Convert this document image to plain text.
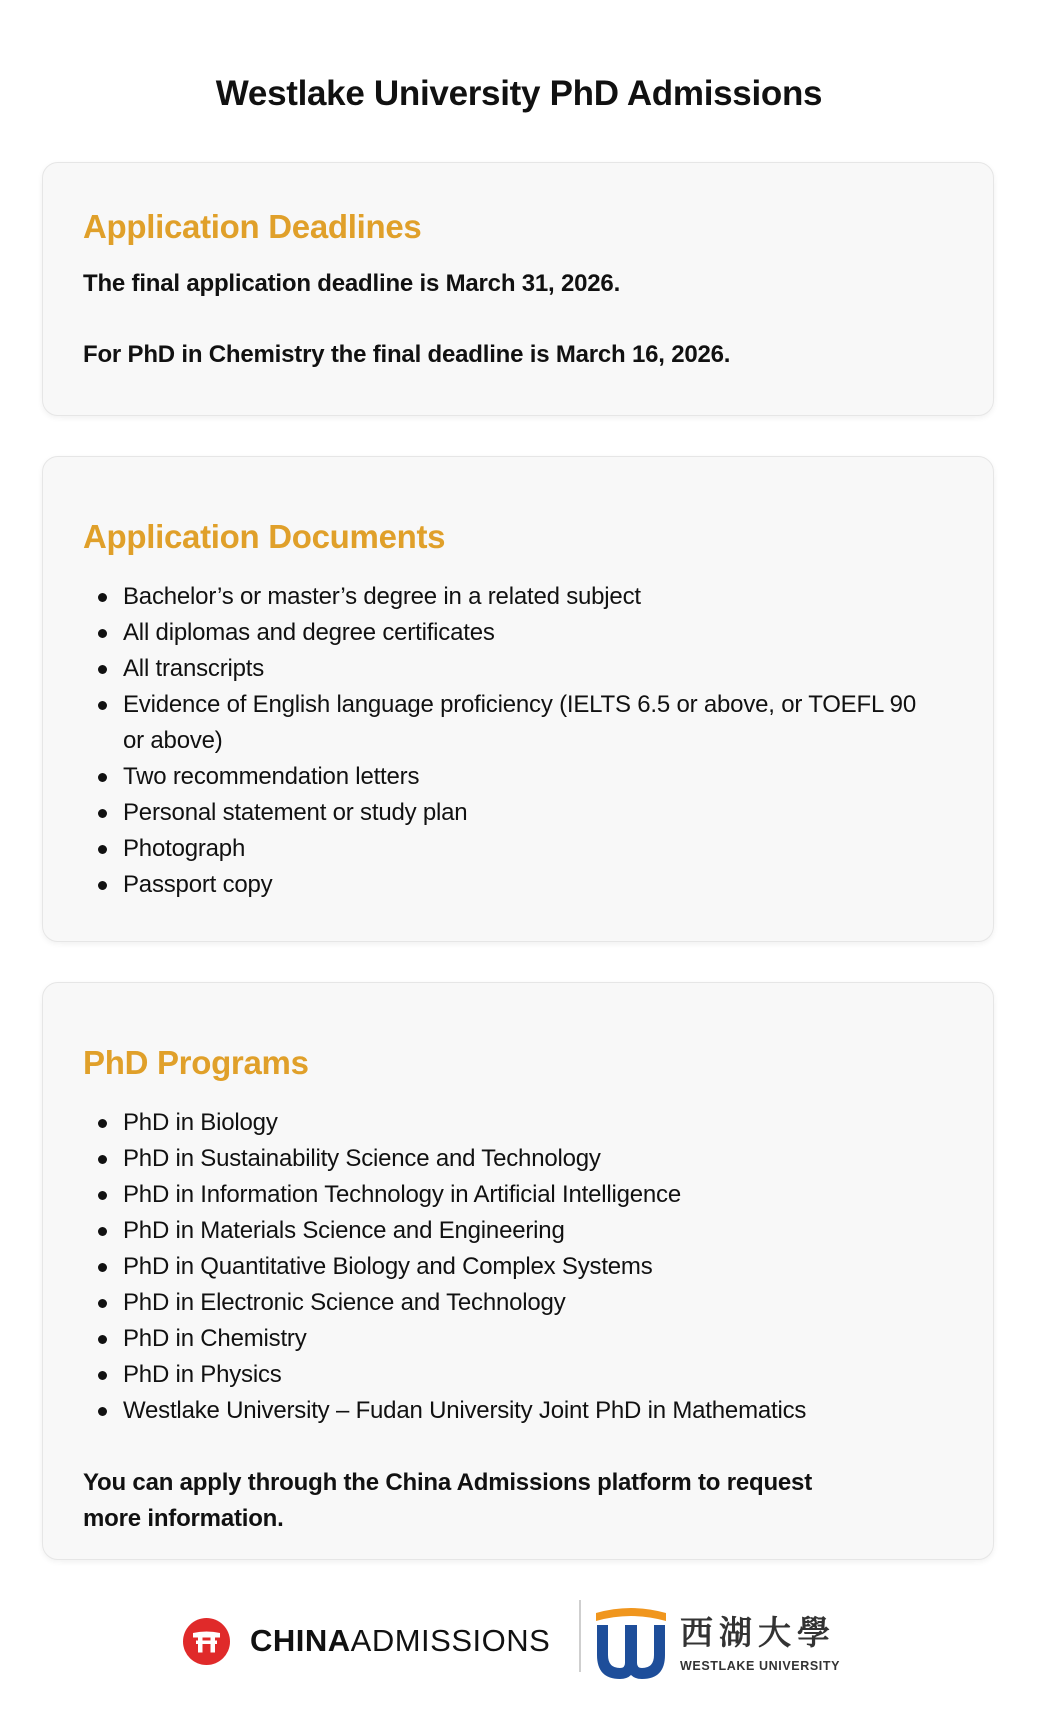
Westlake University PhD Admissions
Application Deadlines

The final application deadline is March 31, 2026.

For PhD in Chemistry the final deadline is March 16, 2026.

Application Documents
Bachelor’s or master’s degree in a related subject
All diplomas and degree certificates
All transcripts
Evidence of English language proficiency (IELTS 6.5 or above, or TOEFL 90 or above)
Two recommendation letters
Personal statement or study plan
Photograph
Passport copy
PhD Programs
PhD in Biology
PhD in Sustainability Science and Technology
PhD in Information Technology in Artificial Intelligence
PhD in Materials Science and Engineering
PhD in Quantitative Biology and Complex Systems
PhD in Electronic Science and Technology
PhD in Chemistry
PhD in Physics
Westlake University – Fudan University Joint PhD in Mathematics

You can apply through the China Admissions platform to request more information.

CHINAADMISSIONS	西湖大學
WESTLAKE UNIVERSITY
